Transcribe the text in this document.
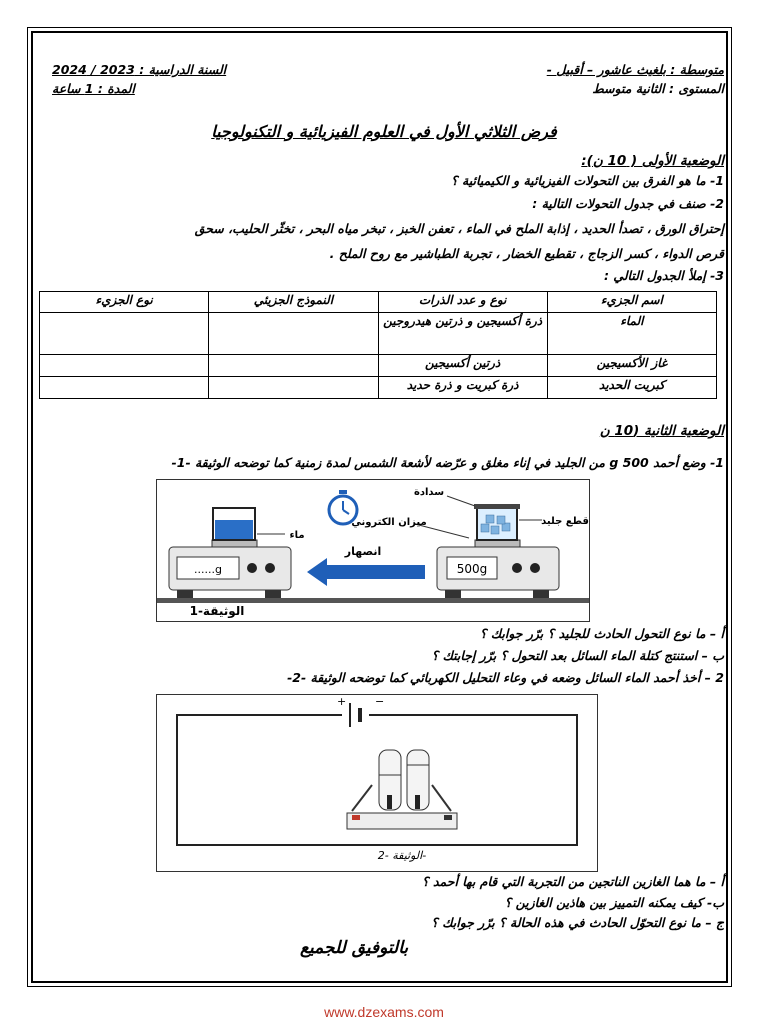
متوسطة : بلغيث عاشور – أقبيل -
المستوى : الثانية متوسط
السنة الدراسية : 2023 / 2024
المدة : 1 ساعة
فرض الثلاثي الأول في العلوم الفيزيائية و التكنولوجيا
الوضعية الأولى ( 10 ن):
1- ما هو الفرق بين التحولات الفيزيائية و الكيميائية ؟
2- صنف في جدول التحولات التالية :
إحتراق الورق ، تصدأ الحديد ، إذابة الملح في الماء ، تعفن الخبز ، تبخر مياه البحر ، تخثّر الحليب، سحق
قرص الدواء ، كسر الزجاج ، تقطيع الخضار ، تجربة الطباشير مع روح الملح .
3- إملأ الجدول التالي :
اسم الجزيء	نوع و عدد الذرات	النموذج الجزيئي	نوع الجزيء
الماء	ذرة أكسيجين و ذرتين هيدروجين		
غاز الأكسيجين	ذرتين أكسيجين		
كبريت الحديد	ذرة كبريت و ذرة حديد		
الوضعية الثانية (10 ن
1- وضع أحمد g 500 من الجليد في إناء مغلق و عرّضه لأشعة الشمس لمدة زمنية كما توضحه الوثيقة -1-
......g
ماء
انصهار
500g
سدادة
ميزان الكتروني	قطع جليد
الوثيقة-1
أ – ما نوع التحول الحادث للجليد ؟ برّر جوابك ؟
ب – استنتج كتلة الماء السائل بعد التحول ؟ برّر إجابتك ؟
2 – أخذ أحمد الماء السائل وضعه في وعاء التحليل الكهربائي كما توضحه الوثيقة -2-
+	−
الوثيقة -2-
أ – ما هما الغازين الناتجين من التجربة التي قام بها أحمد ؟
ب- كيف يمكنه التمييز بين هاذين الغازين ؟
ج – ما نوع التحوّل الحادث في هذه الحالة ؟ برّر جوابك ؟
بالتوفيق للجميع
www.dzexams.com
